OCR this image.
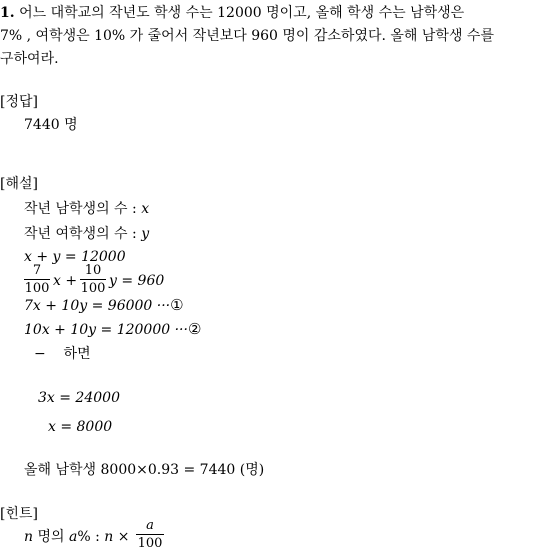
1. 어느 대학교의 작년도 학생 수는 12000 명이고, 올해 학생 수는 남학생은
7% , 여학생은 10% 가 줄어서 작년보다 960 명이 감소하였다. 올해 남학생 수를
구하여라.
[정답]
7440 명
[해설]
작년 남학생의 수 : x
작년 여학생의 수 : y
x + y = 12000
7
100 x +
10
100 y = 960
7x + 10y = 96000 ···①
10x + 10y = 120000 ···②
− 하면
3x = 24000
x = 8000
올해 남학생 8000×0.93 = 7440 (명)
[힌트]
n 명의 a% : n ×
a
100
